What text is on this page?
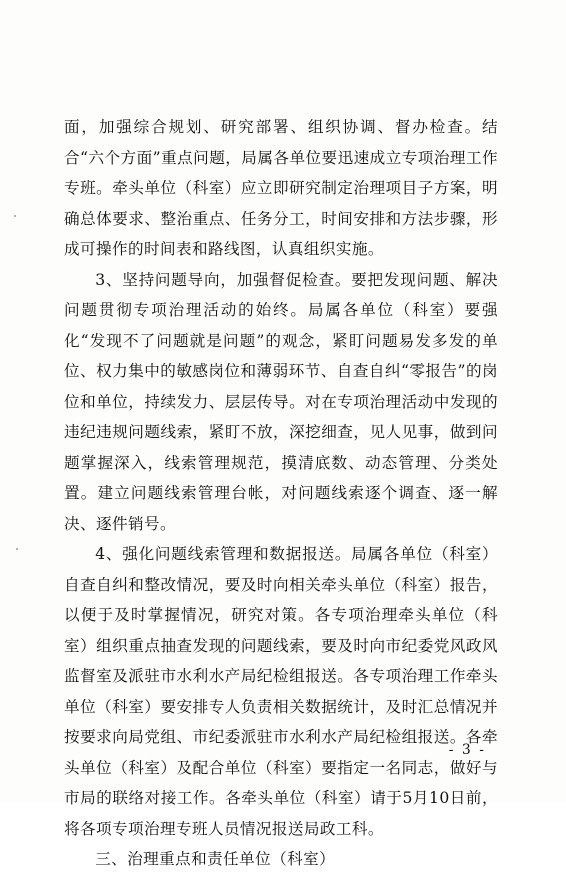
面，加强综合规划、研究部署、组织协调、督办检查。结合“六个方面”重点问题，局属各单位要迅速成立专项治理工作专班。牵头单位（科室）应立即研究制定治理项目子方案，明确总体要求、整治重点、任务分工，时间安排和方法步骤，形成可操作的时间表和路线图，认真组织实施。

3、坚持问题导向，加强督促检查。要把发现问题、解决问题贯彻专项治理活动的始终。局属各单位（科室）要强化“发现不了问题就是问题”的观念，紧盯问题易发多发的单位、权力集中的敏感岗位和薄弱环节、自查自纠“零报告”的岗位和单位，持续发力、层层传导。对在专项治理活动中发现的违纪违规问题线索，紧盯不放，深挖细查，见人见事，做到问题掌握深入，线索管理规范，摸清底数、动态管理、分类处置。建立问题线索管理台帐，对问题线索逐个调查、逐一解决、逐件销号。

4、强化问题线索管理和数据报送。局属各单位（科室）自查自纠和整改情况，要及时向相关牵头单位（科室）报告，以便于及时掌握情况，研究对策。各专项治理牵头单位（科室）组织重点抽查发现的问题线索，要及时向市纪委党风政风监督室及派驻市水利水产局纪检组报送。各专项治理工作牵头单位（科室）要安排专人负责相关数据统计，及时汇总情况并按要求向局党组、市纪委派驻市水利水产局纪检组报送。各牵头单位（科室）及配合单位（科室）要指定一名同志，做好与市局的联络对接工作。各牵头单位（科室）请于5月10日前，将各项专项治理专班人员情况报送局政工科。

三、治理重点和责任单位（科室）

- 3 -
